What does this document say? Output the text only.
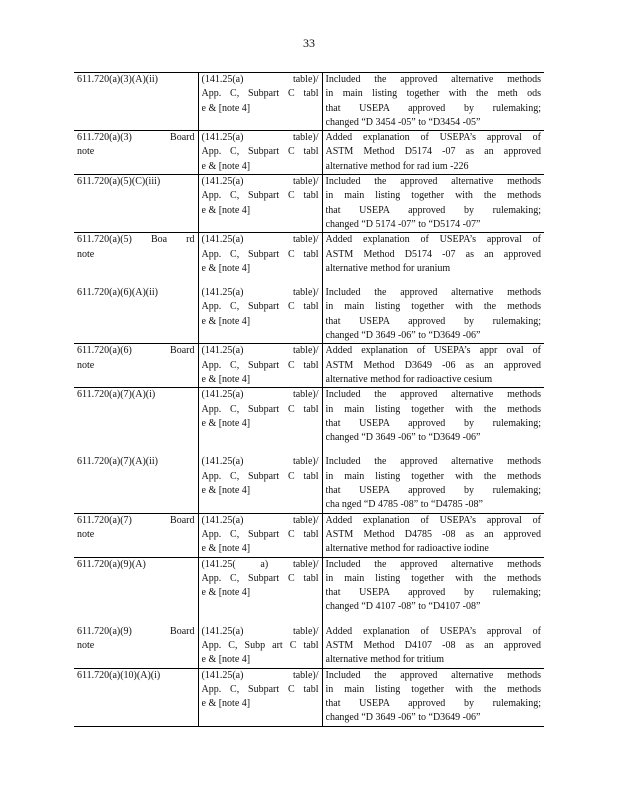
33
611.720(a)(3)(A)(ii)	(141.25(a) table)/
App. C, Subpart C tabl
e & [note 4]	Included the approved alternative methods
in main listing together with the meth ods
that USEPA approved by rulemaking;
changed “D 3454 -05” to “D3454 -05”

611.720(a)(3) Board
note	(141.25(a) table)/
App. C, Subpart C tabl
e & [note 4]	Added explanation of USEPA’s approval of
ASTM Method D5174 -07 as an approved
alternative method for rad ium -226

611.720(a)(5)(C)(iii)	(141.25(a) table)/
App. C, Subpart C tabl
e & [note 4]	Included the approved alternative methods
in main listing together with the methods
that USEPA approved by rulemaking;
changed “D 5174 -07” to “D5174 -07”

611.720(a)(5) Boa rd
note	(141.25(a) table)/
App. C, Subpart C tabl
e & [note 4]	Added explanation of USEPA’s approval of
ASTM Method D5174 -07 as an approved
alternative method for uranium

611.720(a)(6)(A)(ii)	(141.25(a) table)/
App. C, Subpart C tabl
e & [note 4]	Included the approved alternative methods
in main listing together with the methods
that USEPA approved by rulemaking;
changed “D 3649 -06” to “D3649 -06”

611.720(a)(6) Board
note	(141.25(a) table)/
App. C, Subpart C tabl
e & [note 4]	Added explanation of USEPA’s appr oval of
ASTM Method D3649 -06 as an approved
alternative method for radioactive cesium

611.720(a)(7)(A)(i)	(141.25(a) table)/
App. C, Subpart C tabl
e & [note 4]	Included the approved alternative methods
in main listing together with the methods
that USEPA approved by rulemaking;
changed “D 3649 -06” to “D3649 -06”

611.720(a)(7)(A)(ii)	(141.25(a) table)/
App. C, Subpart C tabl
e & [note 4]	Included the approved alternative methods
in main listing together with the methods
that USEPA approved by rulemaking;
cha nged “D 4785 -08” to “D4785 -08”

611.720(a)(7) Board
note	(141.25(a) table)/
App. C, Subpart C tabl
e & [note 4]	Added explanation of USEPA’s approval of
ASTM Method D4785 -08 as an approved
alternative method for radioactive iodine

611.720(a)(9)(A)	(141.25( a) table)/
App. C, Subpart C tabl
e & [note 4]	Included the approved alternative methods
in main listing together with the methods
that USEPA approved by rulemaking;
changed “D 4107 -08” to “D4107 -08”

611.720(a)(9) Board
note	(141.25(a) table)/
App. C, Subp art C tabl
e & [note 4]	Added explanation of USEPA’s approval of
ASTM Method D4107 -08 as an approved
alternative method for tritium

611.720(a)(10)(A)(i)	(141.25(a) table)/
App. C, Subpart C tabl
e & [note 4]	Included the approved alternative methods
in main listing together with the methods
that USEPA approved by rulemaking;
changed “D 3649 -06” to “D3649 -06”
